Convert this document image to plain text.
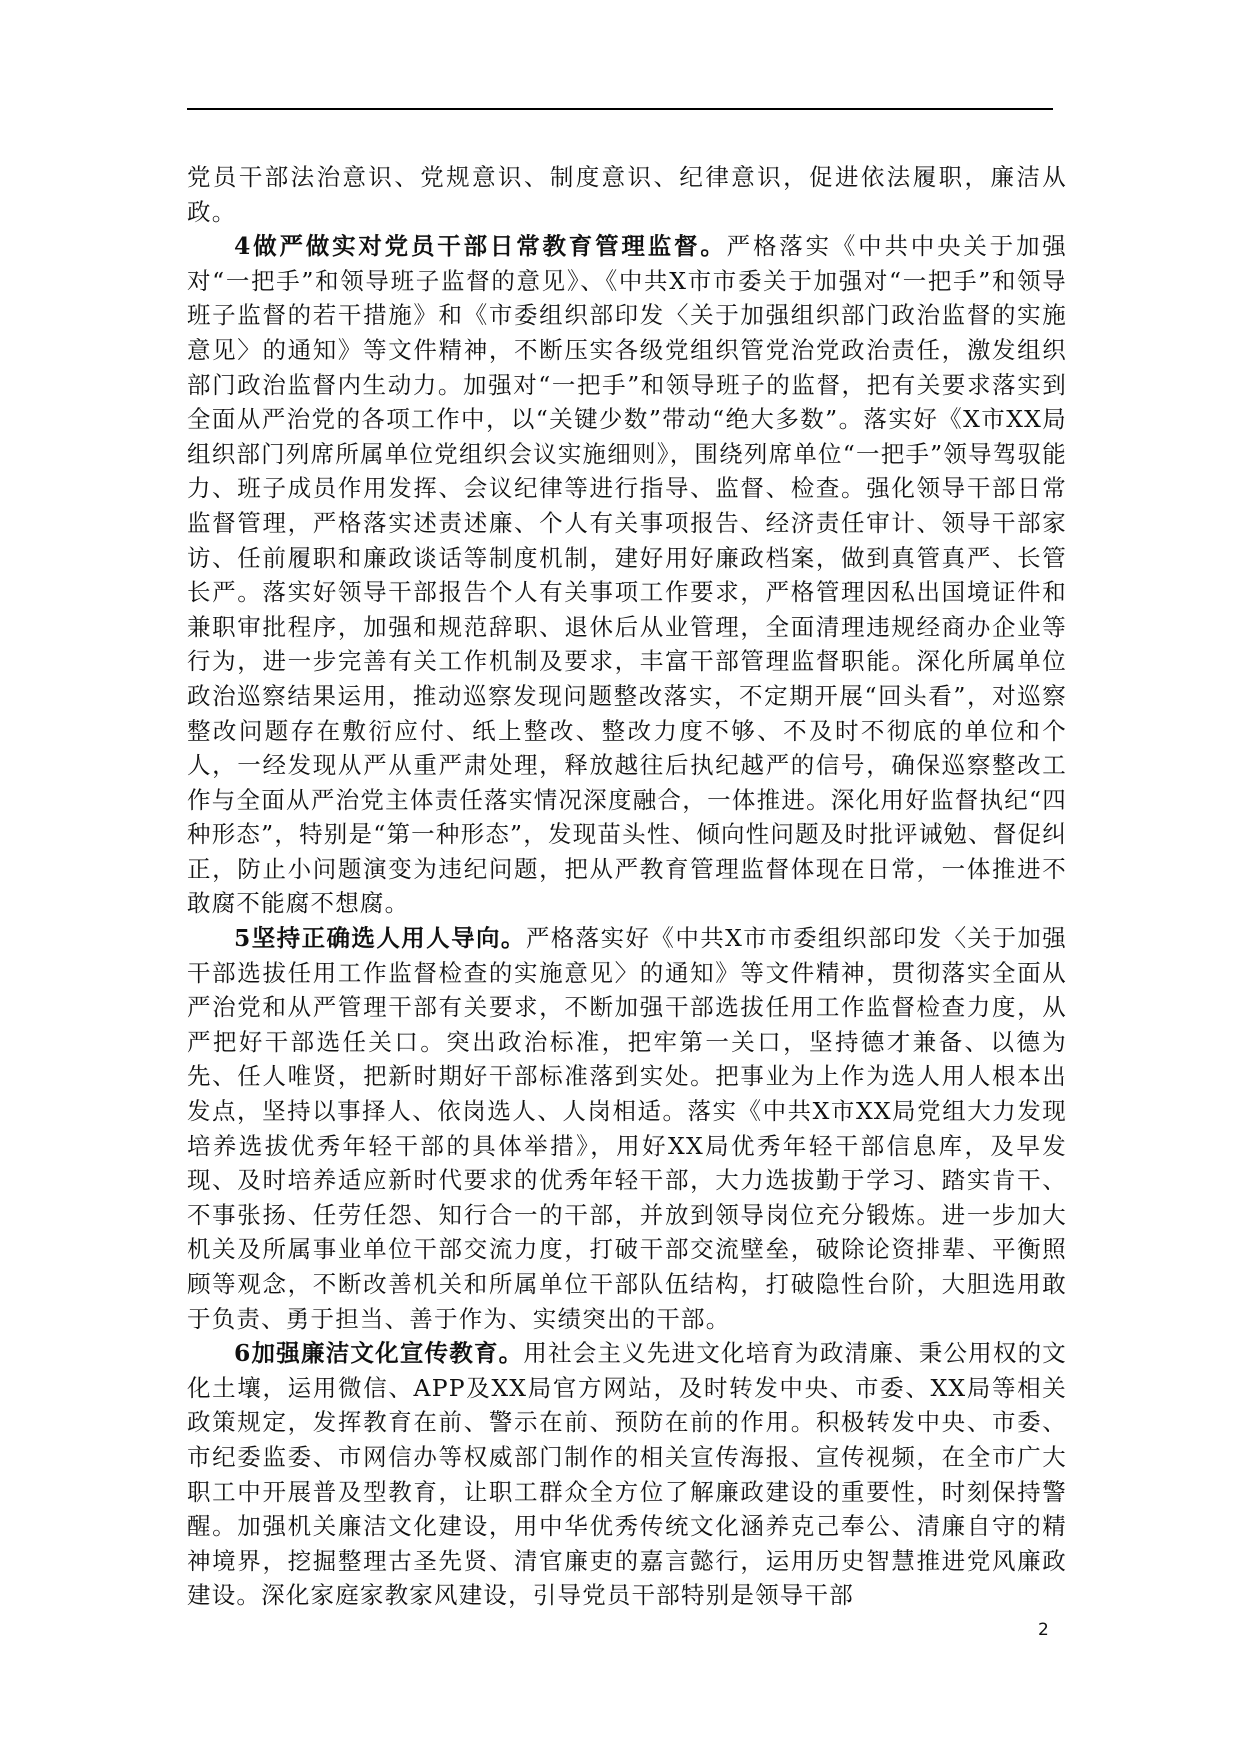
党员干部法治意识、党规意识、制度意识、纪律意识，促进依法履职，廉洁从政。

4做严做实对党员干部日常教育管理监督。严格落实《中共中央关于加强对“一把手”和领导班子监督的意见》、《中共X市市委关于加强对“一把手”和领导班子监督的若干措施》和《市委组织部印发〈关于加强组织部门政治监督的实施意见〉的通知》等文件精神，不断压实各级党组织管党治党政治责任，激发组织部门政治监督内生动力。加强对“一把手”和领导班子的监督，把有关要求落实到全面从严治党的各项工作中，以“关键少数”带动“绝大多数”。落实好《X市XX局组织部门列席所属单位党组织会议实施细则》，围绕列席单位“一把手”领导驾驭能力、班子成员作用发挥、会议纪律等进行指导、监督、检查。强化领导干部日常监督管理，严格落实述责述廉、个人有关事项报告、经济责任审计、领导干部家访、任前履职和廉政谈话等制度机制，建好用好廉政档案，做到真管真严、长管长严。落实好领导干部报告个人有关事项工作要求，严格管理因私出国境证件和兼职审批程序，加强和规范辞职、退休后从业管理，全面清理违规经商办企业等行为，进一步完善有关工作机制及要求，丰富干部管理监督职能。深化所属单位政治巡察结果运用，推动巡察发现问题整改落实，不定期开展“回头看”，对巡察整改问题存在敷衍应付、纸上整改、整改力度不够、不及时不彻底的单位和个人，一经发现从严从重严肃处理，释放越往后执纪越严的信号，确保巡察整改工作与全面从严治党主体责任落实情况深度融合，一体推进。深化用好监督执纪“四种形态”，特别是“第一种形态”，发现苗头性、倾向性问题及时批评诫勉、督促纠正，防止小问题演变为违纪问题，把从严教育管理监督体现在日常，一体推进不敢腐不能腐不想腐。

5坚持正确选人用人导向。严格落实好《中共X市市委组织部印发〈关于加强干部选拔任用工作监督检查的实施意见〉的通知》等文件精神，贯彻落实全面从严治党和从严管理干部有关要求，不断加强干部选拔任用工作监督检查力度，从严把好干部选任关口。突出政治标准，把牢第一关口，坚持德才兼备、以德为先、任人唯贤，把新时期好干部标准落到实处。把事业为上作为选人用人根本出发点，坚持以事择人、依岗选人、人岗相适。落实《中共X市XX局党组大力发现培养选拔优秀年轻干部的具体举措》，用好XX局优秀年轻干部信息库，及早发现、及时培养适应新时代要求的优秀年轻干部，大力选拔勤于学习、踏实肯干、不事张扬、任劳任怨、知行合一的干部，并放到领导岗位充分锻炼。进一步加大机关及所属事业单位干部交流力度，打破干部交流壁垒，破除论资排辈、平衡照顾等观念，不断改善机关和所属单位干部队伍结构，打破隐性台阶，大胆选用敢于负责、勇于担当、善于作为、实绩突出的干部。

6加强廉洁文化宣传教育。用社会主义先进文化培育为政清廉、秉公用权的文化土壤，运用微信、APP及XX局官方网站，及时转发中央、市委、XX局等相关政策规定，发挥教育在前、警示在前、预防在前的作用。积极转发中央、市委、市纪委监委、市网信办等权威部门制作的相关宣传海报、宣传视频，在全市广大职工中开展普及型教育，让职工群众全方位了解廉政建设的重要性，时刻保持警醒。加强机关廉洁文化建设，用中华优秀传统文化涵养克己奉公、清廉自守的精神境界，挖掘整理古圣先贤、清官廉吏的嘉言懿行，运用历史智慧推进党风廉政建设。深化家庭家教家风建设，引导党员干部特别是领导干部

2
